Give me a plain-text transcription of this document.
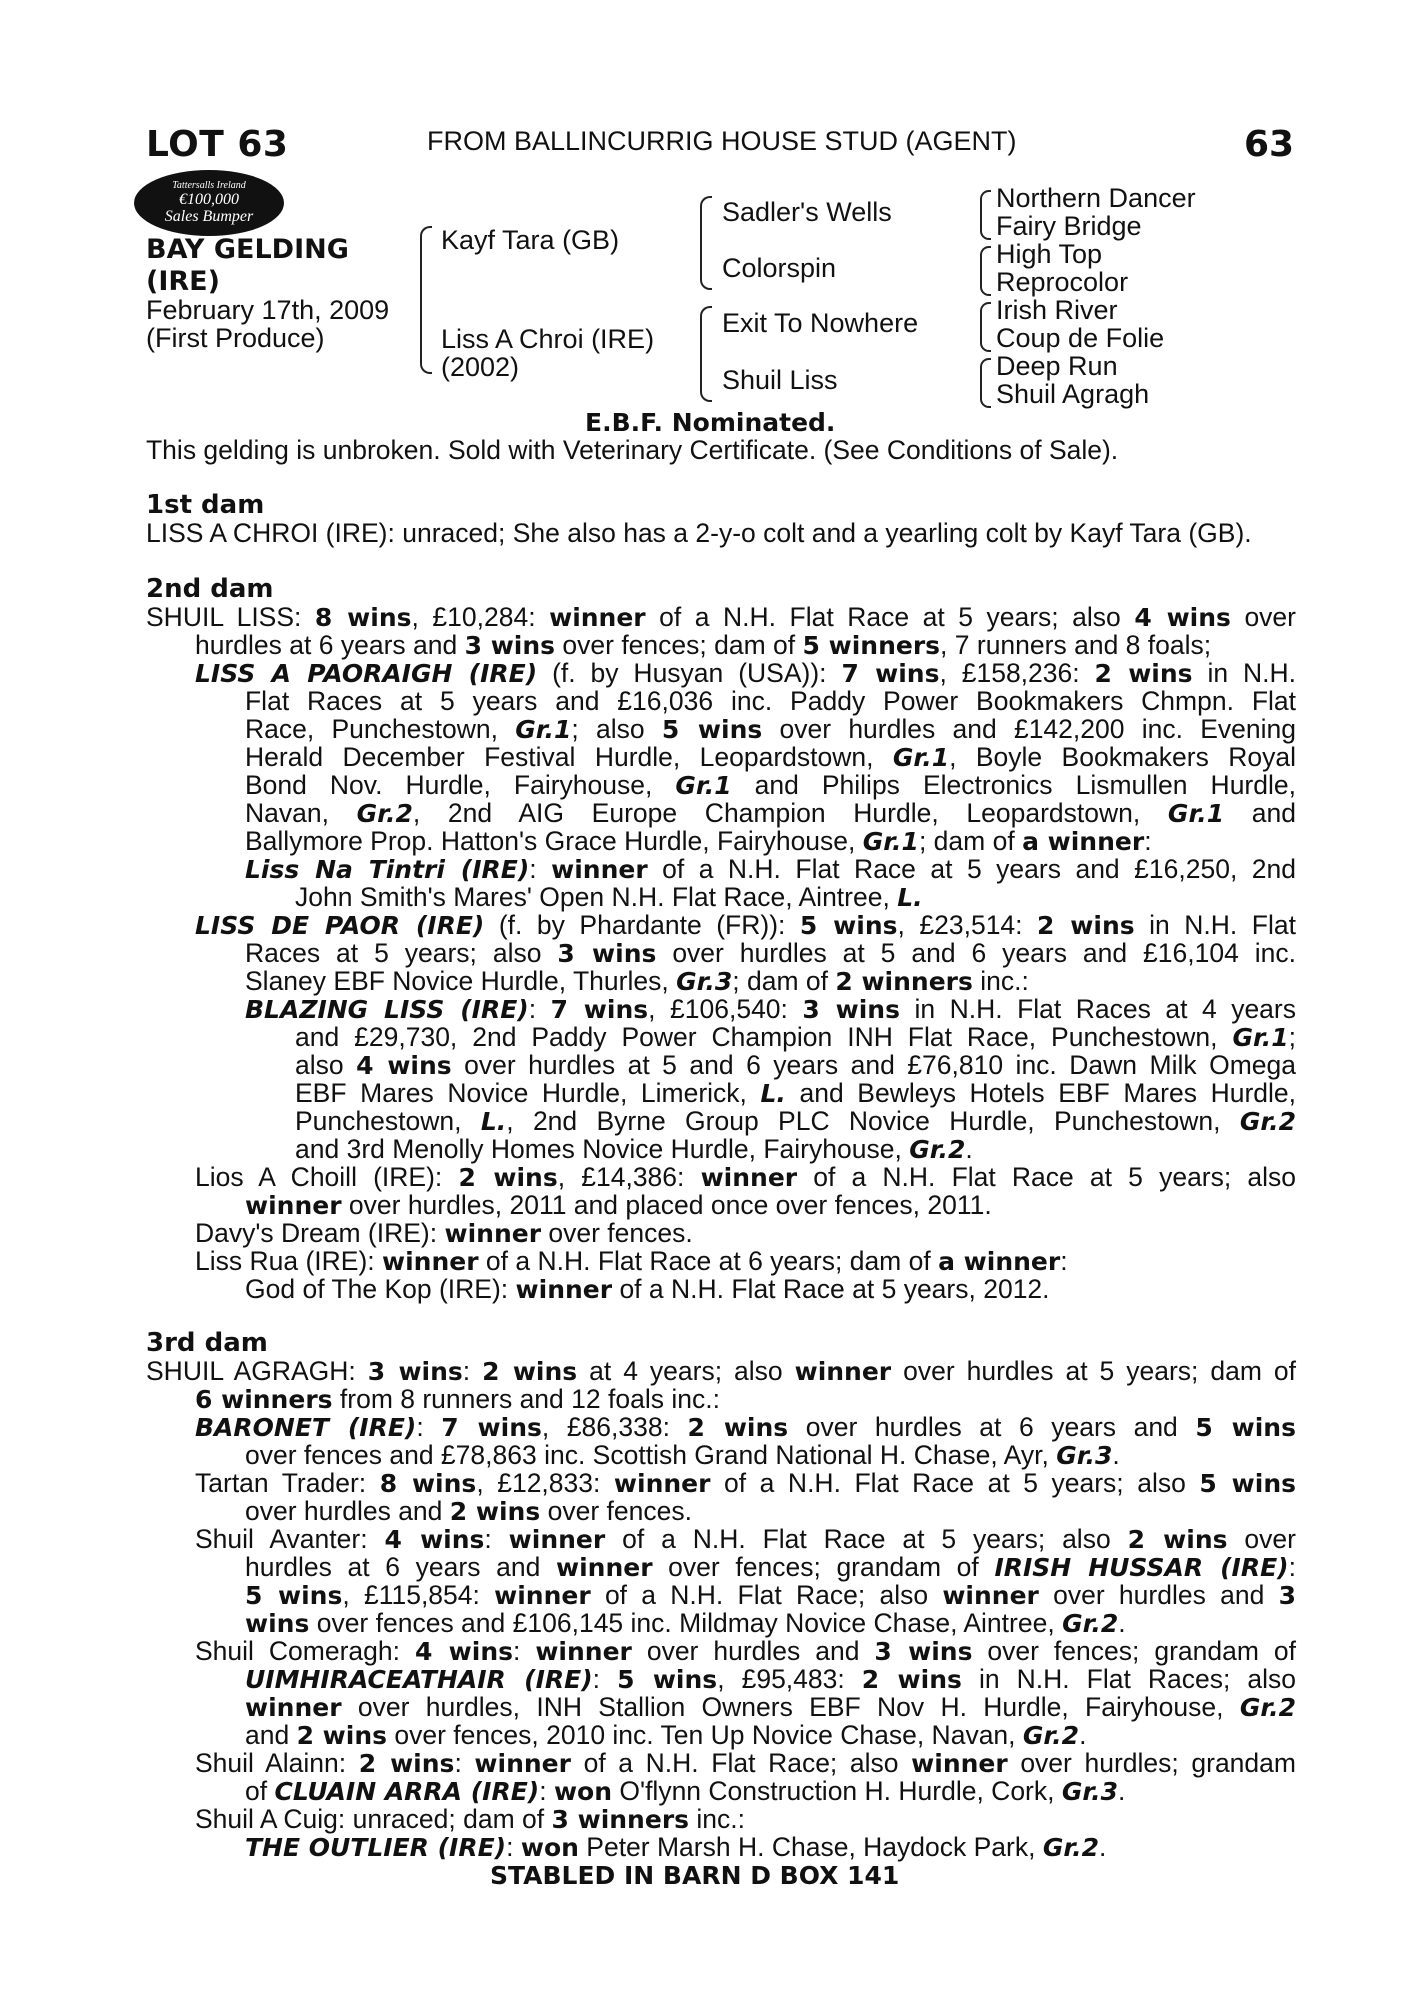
LOT 63	FROM BALLINCURRIG HOUSE STUD (AGENT)	63
Tattersalls Ireland
€100,000
Sales Bumper
BAY GELDING
(IRE)
February 17th, 2009
(First Produce)
Kayf Tara (GB)
Liss A Chroi (IRE)
(2002)
Sadler's Wells
Colorspin
Exit To Nowhere
Shuil Liss
Northern Dancer
Fairy Bridge
High Top
Reprocolor
Irish River
Coup de Folie
Deep Run
Shuil Agragh
E.B.F. Nominated.
This gelding is unbroken. Sold with Veterinary Certificate. (See Conditions of Sale).
1st dam
LISS A CHROI (IRE): unraced; She also has a 2-y-o colt and a yearling colt by Kayf Tara (GB).
2nd dam
SHUIL LISS: 8 wins, £10,284: winner of a N.H. Flat Race at 5 years; also 4 wins over
hurdles at 6 years and 3 wins over fences; dam of 5 winners, 7 runners and 8 foals;
LISS A PAORAIGH (IRE) (f. by Husyan (USA)): 7 wins, £158,236: 2 wins in N.H.
Flat Races at 5 years and £16,036 inc. Paddy Power Bookmakers Chmpn. Flat
Race, Punchestown, Gr.1; also 5 wins over hurdles and £142,200 inc. Evening
Herald December Festival Hurdle, Leopardstown, Gr.1, Boyle Bookmakers Royal
Bond Nov. Hurdle, Fairyhouse, Gr.1 and Philips Electronics Lismullen Hurdle,
Navan, Gr.2, 2nd AIG Europe Champion Hurdle, Leopardstown, Gr.1 and
Ballymore Prop. Hatton's Grace Hurdle, Fairyhouse, Gr.1; dam of a winner:
Liss Na Tintri (IRE): winner of a N.H. Flat Race at 5 years and £16,250, 2nd
John Smith's Mares' Open N.H. Flat Race, Aintree, L.
LISS DE PAOR (IRE) (f. by Phardante (FR)): 5 wins, £23,514: 2 wins in N.H. Flat
Races at 5 years; also 3 wins over hurdles at 5 and 6 years and £16,104 inc.
Slaney EBF Novice Hurdle, Thurles, Gr.3; dam of 2 winners inc.:
BLAZING LISS (IRE): 7 wins, £106,540: 3 wins in N.H. Flat Races at 4 years
and £29,730, 2nd Paddy Power Champion INH Flat Race, Punchestown, Gr.1;
also 4 wins over hurdles at 5 and 6 years and £76,810 inc. Dawn Milk Omega
EBF Mares Novice Hurdle, Limerick, L. and Bewleys Hotels EBF Mares Hurdle,
Punchestown, L., 2nd Byrne Group PLC Novice Hurdle, Punchestown, Gr.2
and 3rd Menolly Homes Novice Hurdle, Fairyhouse, Gr.2.
Lios A Choill (IRE): 2 wins, £14,386: winner of a N.H. Flat Race at 5 years; also
winner over hurdles, 2011 and placed once over fences, 2011.
Davy's Dream (IRE): winner over fences.
Liss Rua (IRE): winner of a N.H. Flat Race at 6 years; dam of a winner:
God of The Kop (IRE): winner of a N.H. Flat Race at 5 years, 2012.
3rd dam
SHUIL AGRAGH: 3 wins: 2 wins at 4 years; also winner over hurdles at 5 years; dam of
6 winners from 8 runners and 12 foals inc.:
BARONET (IRE): 7 wins, £86,338: 2 wins over hurdles at 6 years and 5 wins
over fences and £78,863 inc. Scottish Grand National H. Chase, Ayr, Gr.3.
Tartan Trader: 8 wins, £12,833: winner of a N.H. Flat Race at 5 years; also 5 wins
over hurdles and 2 wins over fences.
Shuil Avanter: 4 wins: winner of a N.H. Flat Race at 5 years; also 2 wins over
hurdles at 6 years and winner over fences; grandam of IRISH HUSSAR (IRE):
5 wins, £115,854: winner of a N.H. Flat Race; also winner over hurdles and 3
wins over fences and £106,145 inc. Mildmay Novice Chase, Aintree, Gr.2.
Shuil Comeragh: 4 wins: winner over hurdles and 3 wins over fences; grandam of
UIMHIRACEATHAIR (IRE): 5 wins, £95,483: 2 wins in N.H. Flat Races; also
winner over hurdles, INH Stallion Owners EBF Nov H. Hurdle, Fairyhouse, Gr.2
and 2 wins over fences, 2010 inc. Ten Up Novice Chase, Navan, Gr.2.
Shuil Alainn: 2 wins: winner of a N.H. Flat Race; also winner over hurdles; grandam
of CLUAIN ARRA (IRE): won O'flynn Construction H. Hurdle, Cork, Gr.3.
Shuil A Cuig: unraced; dam of 3 winners inc.:
THE OUTLIER (IRE): won Peter Marsh H. Chase, Haydock Park, Gr.2.
STABLED IN BARN D BOX 141
